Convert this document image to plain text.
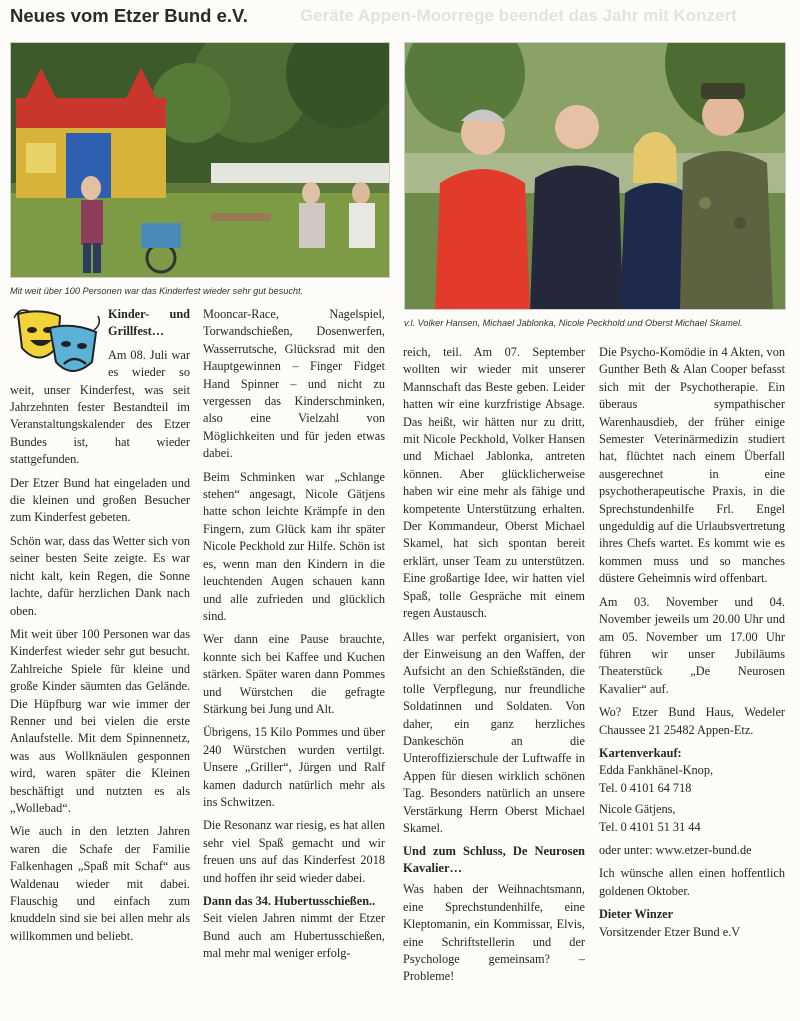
Geräte Appen-Moorrege beendet das Jahr mit Konzert
Neues vom Etzer Bund e.V.
Mit weit über 100 Personen war das Kinderfest wieder sehr gut besucht.
v.l. Volker Hansen, Michael Jablonka, Nicole Peckhold und Oberst Michael Skamel.

Kinder- und Grillfest…

Am 08. Juli war es wieder so weit, unser Kinderfest, was seit Jahrzehnten fester Bestandteil im Veranstaltungskalender des Etzer Bundes ist, hat wieder stattgefunden.

Der Etzer Bund hat eingeladen und die kleinen und großen Besucher zum Kinderfest gebeten.

Schön war, dass das Wetter sich von seiner besten Seite zeigte. Es war nicht kalt, kein Regen, die Sonne lachte, dafür herzlichen Dank nach oben.

Mit weit über 100 Personen war das Kinderfest wieder sehr gut besucht. Zahlreiche Spiele für kleine und große Kinder säumten das Gelände. Die Hüpfburg war wie immer der Renner und bei vielen die erste Anlaufstelle. Mit dem Spinnennetz, was aus Wollknäulen gesponnen wird, waren später die Kleinen beschäftigt und nutzten es als „Wollebad“.

Wie auch in den letzten Jahren waren die Schafe der Familie Falkenhagen „Spaß mit Schaf“ aus Waldenau wieder mit dabei. Flauschig und einfach zum knuddeln sind sie bei allen mehr als willkommen und beliebt.

Mooncar-Race, Nagelspiel, Torwandschießen, Dosenwerfen, Wasserrutsche, Glücksrad mit den Hauptgewinnen – Finger Fidget Hand Spinner – und nicht zu vergessen das Kinderschminken, also eine Vielzahl von Möglichkeiten und für jeden etwas dabei.

Beim Schminken war „Schlange stehen“ angesagt, Nicole Gätjens hatte schon leichte Krämpfe in den Fingern, zum Glück kam ihr später Nicole Peckhold zur Hilfe. Schön ist es, wenn man den Kindern in die leuchtenden Augen schauen kann und alle zufrieden und glücklich sind.

Wer dann eine Pause brauchte, konnte sich bei Kaffee und Kuchen stärken. Später waren dann Pommes und Würstchen die gefragte Stärkung bei Jung und Alt.

Übrigens, 15 Kilo Pommes und über 240 Würstchen wurden vertilgt. Unsere „Griller“, Jürgen und Ralf kamen dadurch natürlich mehr als ins Schwitzen.

Die Resonanz war riesig, es hat allen sehr viel Spaß gemacht und wir freuen uns auf das Kinderfest 2018 und hoffen ihr seid wieder dabei.

Dann das 34. Hubertusschießen..

Seit vielen Jahren nimmt der Etzer Bund auch am Hubertusschießen, mal mehr mal weniger erfolg-

reich, teil. Am 07. September wollten wir wieder mit unserer Mannschaft das Beste geben. Leider hatten wir eine kurzfristige Absage. Das heißt, wir hätten nur zu dritt, mit Nicole Peckhold, Volker Hansen und Michael Jablonka, antreten können. Aber glücklicherweise haben wir eine mehr als fähige und kompetente Unterstützung erhalten. Der Kommandeur, Oberst Michael Skamel, hat sich spontan bereit erklärt, unser Team zu unterstützen. Eine großartige Idee, wir hatten viel Spaß, tolle Gespräche mit einem regen Austausch.

Alles war perfekt organisiert, von der Einweisung an den Waffen, der Aufsicht an den Schießständen, die tolle Verpflegung, nur freundliche Soldatinnen und Soldaten. Von daher, ein ganz herzliches Dankeschön an die Unteroffizierschule der Luftwaffe in Appen für diesen wirklich schönen Tag. Besonders natürlich an unsere Verstärkung Herrn Oberst Michael Skamel.

Und zum Schluss, De Neurosen Kavalier…

Was haben der Weihnachtsmann, eine Sprechstundenhilfe, eine Kleptomanin, ein Kommissar, Elvis, eine Schriftstellerin und der Psychologe gemeinsam? – Probleme!

Die Psycho-Komödie in 4 Akten, von Gunther Beth & Alan Cooper befasst sich mit der Psychotherapie. Ein überaus sympathischer Warenhausdieb, der früher einige Semester Veterinärmedizin studiert hat, flüchtet nach einem Überfall ausgerechnet in eine psychotherapeutische Praxis, in die Sprechstundenhilfe Frl. Engel ungeduldig auf die Urlaubsvertretung ihres Chefs wartet. Es kommt wie es kommen muss und so manches düstere Geheimnis wird offenbart.

Am 03. November und 04. November jeweils um 20.00 Uhr und am 05. November um 17.00 Uhr führen wir unser Jubiläums Theaterstück „De Neurosen Kavalier“ auf.

Wo? Etzer Bund Haus, Wedeler Chaussee 21 25482 Appen-Etz.

Kartenverkauf:
Edda Fankhänel-Knop,
Tel. 0 4101 64 718
Nicole Gätjens,
Tel. 0 4101 51 31 44

oder unter: www.etzer-bund.de

Ich wünsche allen einen hoffentlich goldenen Oktober.

Dieter Winzer
Vorsitzender Etzer Bund e.V
